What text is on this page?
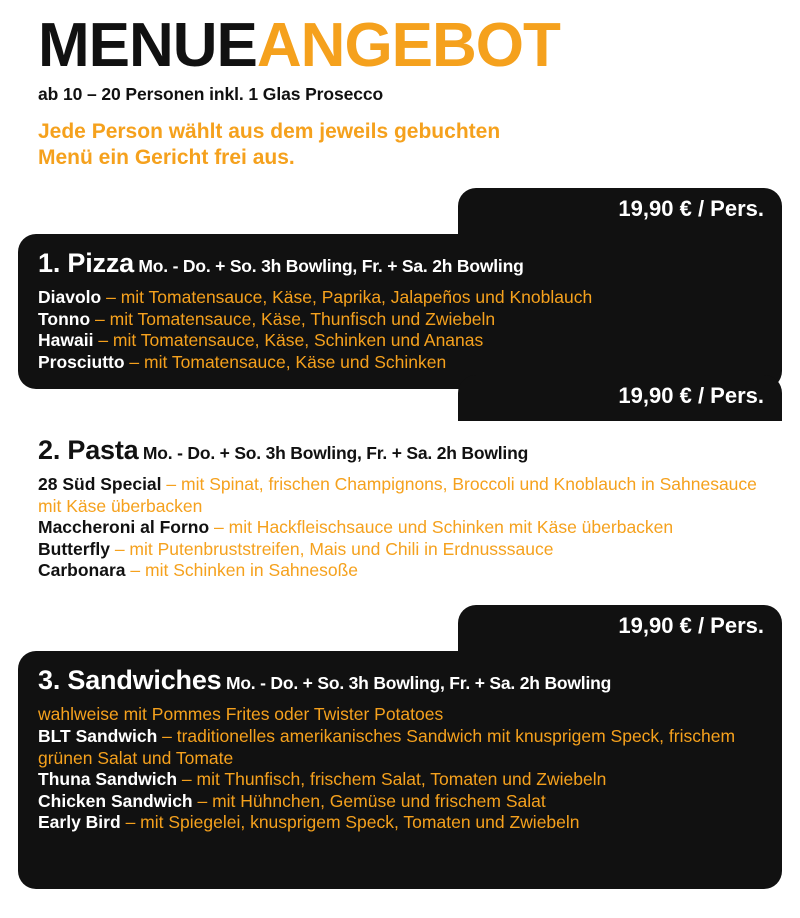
MENUEANGEBOT
ab 10 – 20 Personen inkl. 1 Glas Prosecco
Jede Person wählt aus dem jeweils gebuchten
Menü ein Gericht frei aus.
19,90 € / Pers.
1. Pizza Mo. - Do. + So. 3h Bowling, Fr. + Sa. 2h Bowling

Diavolo – mit Tomatensauce, Käse, Paprika, Jalapeños und Knoblauch

Tonno – mit Tomatensauce, Käse, Thunfisch und Zwiebeln

Hawaii – mit Tomatensauce, Käse, Schinken und Ananas

Prosciutto – mit Tomatensauce, Käse und Schinken

19,90 € / Pers.
2. Pasta Mo. - Do. + So. 3h Bowling, Fr. + Sa. 2h Bowling

28 Süd Special – mit Spinat, frischen Champignons, Broccoli und Knoblauch in Sahnesauce mit Käse überbacken

Maccheroni al Forno – mit Hackfleischsauce und Schinken mit Käse überbacken

Butterfly – mit Putenbruststreifen, Mais und Chili in Erdnusssauce

Carbonara – mit Schinken in Sahnesoße

19,90 € / Pers.
3. Sandwiches Mo. - Do. + So. 3h Bowling, Fr. + Sa. 2h Bowling

wahlweise mit Pommes Frites oder Twister Potatoes

BLT Sandwich – traditionelles amerikanisches Sandwich mit knusprigem Speck, frischem grünen Salat und Tomate

Thuna Sandwich – mit Thunfisch, frischem Salat, Tomaten und Zwiebeln

Chicken Sandwich – mit Hühnchen, Gemüse und frischem Salat

Early Bird – mit Spiegelei, knusprigem Speck, Tomaten und Zwiebeln
